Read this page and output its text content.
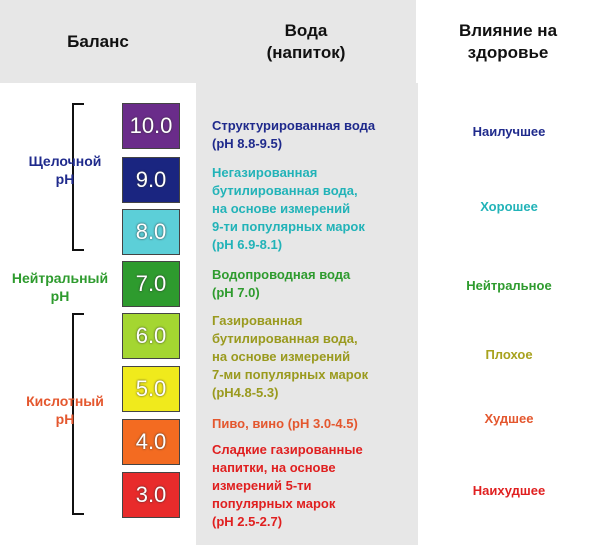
Баланс
Вода
(напиток)
Влияние на
здоровье
Щелочной
рН
Нейтральный
рН
Кислотный
рН
10.0
9.0
8.0
7.0
6.0
5.0
4.0
3.0
Структурированная вода
(рН 8.8-9.5)
Негазированная
бутилированная вода,
на основе измерений
9-ти популярных марок
(рН 6.9-8.1)
Водопроводная вода
(рН 7.0)
Газированная
бутилированная вода,
на основе измерений
7-ми популярных марок
(рН4.8-5.3)
Пиво, вино (рН 3.0-4.5)
Сладкие газированные
напитки, на основе
измерений 5-ти
популярных марок
(рН 2.5-2.7)
Наилучшее
Хорошее
Нейтральное
Плохое
Худшее
Наихудшее
